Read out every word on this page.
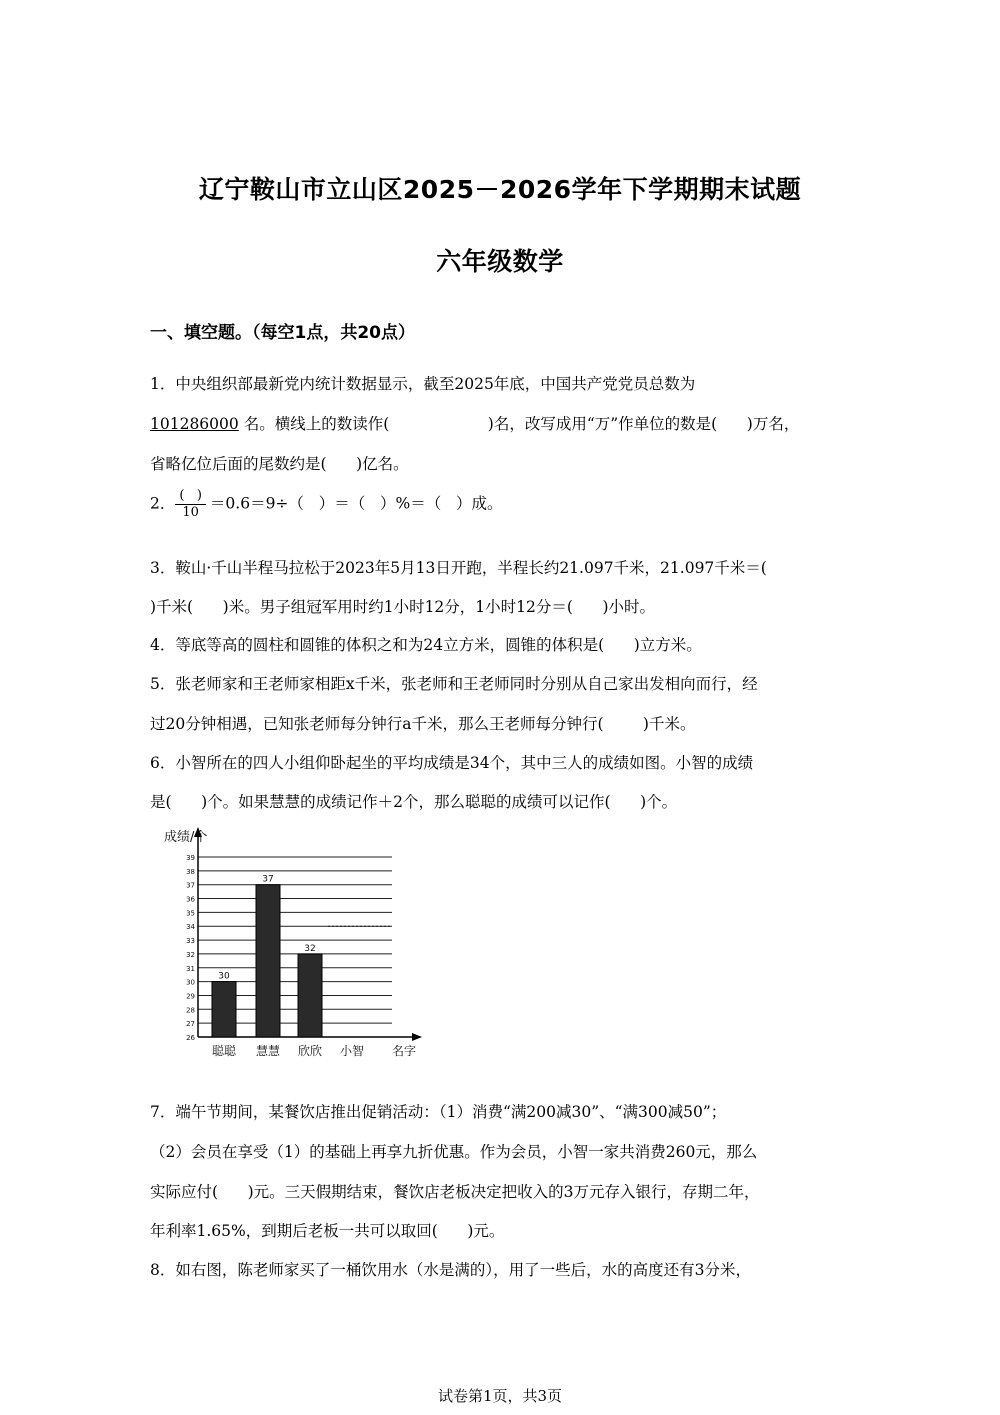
辽宁鞍山市立山区2025－2026学年下学期期末试题
六年级数学
一、填空题。（每空1点，共20点）
1．中央组织部最新党内统计数据显示，截至2025年底，中国共产党党员总数为
101286000 名。横线上的数读作(                    )名，改写成用“万”作单位的数是(      )万名，
省略亿位后面的尾数约是(      )亿名。
2． $\frac{( )}{10} =0.6=9\div$（   ）＝（   ）%＝（   ）成。
3．鞍山·千山半程马拉松于2023年5月13日开跑，半程长约21.097千米，21.097千米＝(
)千米(      )米。男子组冠军用时约1小时12分，1小时12分＝(      )小时。
4．等底等高的圆柱和圆锥的体积之和为24立方米，圆锥的体积是(      )立方米。
5．张老师家和王老师家相距x千米，张老师和王老师同时分别从自己家出发相向而行，经
过20分钟相遇，已知张老师每分钟行a千米，那么王老师每分钟行(        )千米。
6．小智所在的四人小组仰卧起坐的平均成绩是34个，其中三人的成绩如图。小智的成绩
是(      )个。如果慧慧的成绩记作＋2个，那么聪聪的成绩可以记作(      )个。
26
27
28
29
30
31
32
33
34
35
36
37
38
39
成绩/个
名字
30
聪聪
37
慧慧
32
欣欣 小智
7．端午节期间，某餐饮店推出促销活动：（1）消费“满200减30”、“满300减50”；
（2）会员在享受（1）的基础上再享九折优惠。作为会员，小智一家共消费260元，那么
实际应付(      )元。三天假期结束，餐饮店老板决定把收入的3万元存入银行，存期二年，
年利率1.65%，到期后老板一共可以取回(      )元。
8．如右图，陈老师家买了一桶饮用水（水是满的），用了一些后，水的高度还有3分米，
试卷第1页，共3页
